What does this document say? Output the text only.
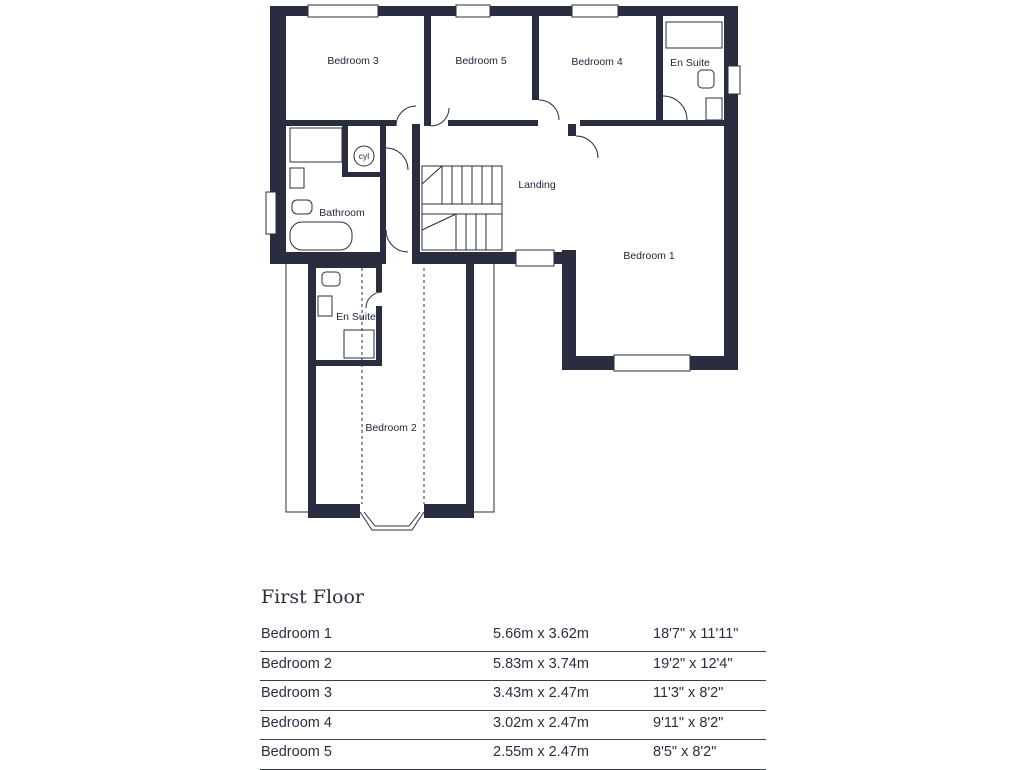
Bedroom 3	Bedroom 5	Bedroom 4	En Suite
cyl
Landing
Bathroom
Bedroom 1
En Suite
Bedroom 2
First Floor
Bedroom 1	5.66m x 3.62m	18'7" x 11'11"
Bedroom 2	5.83m x 3.74m	19'2" x 12'4"
Bedroom 3	3.43m x 2.47m	11'3" x 8'2"
Bedroom 4	3.02m x 2.47m	9'11" x 8'2"
Bedroom 5	2.55m x 2.47m	8'5" x 8'2"
